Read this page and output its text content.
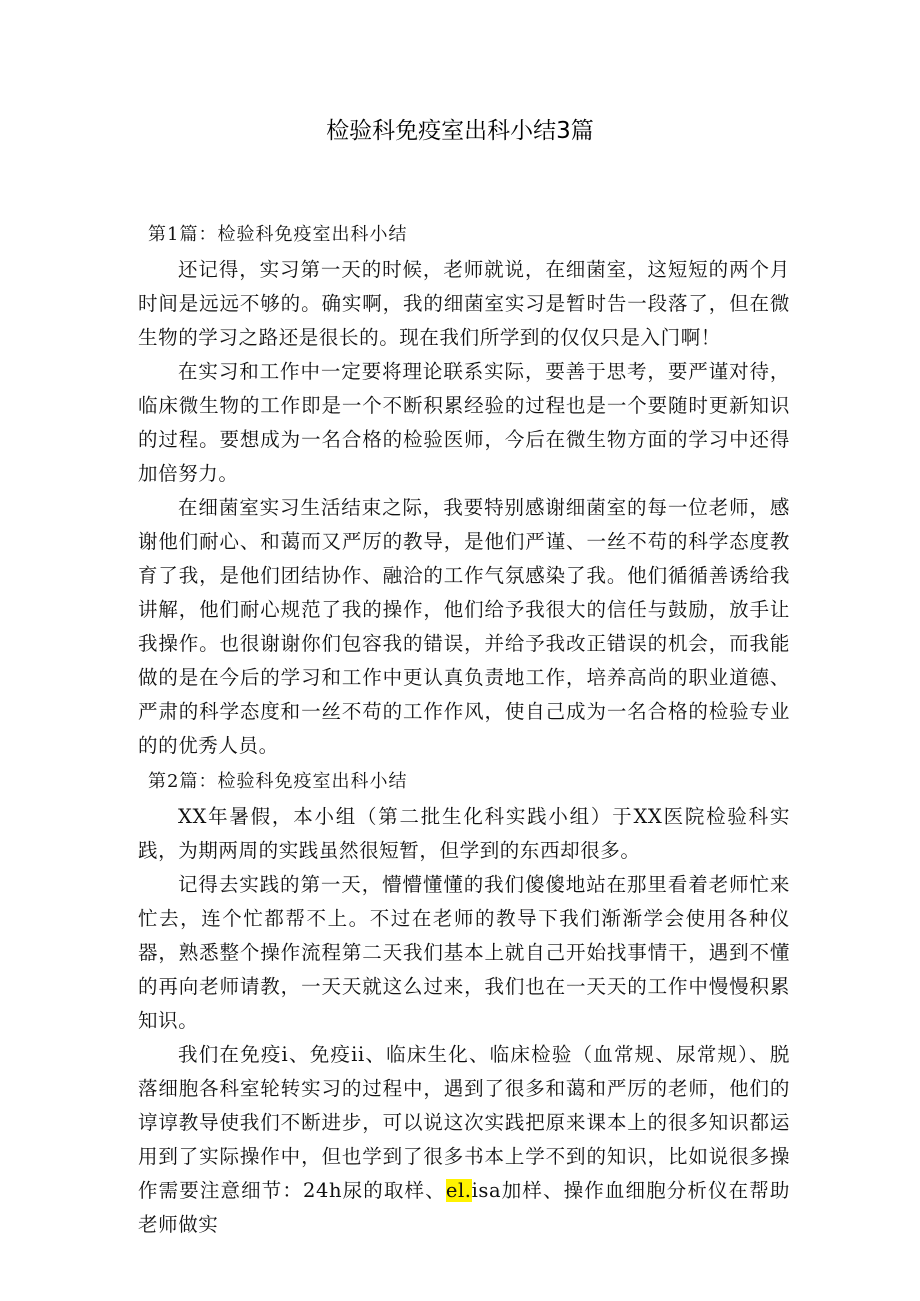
检验科免疫室出科小结3篇

第1篇：检验科免疫室出科小结

还记得，实习第一天的时候，老师就说，在细菌室，这短短的两个月时间是远远不够的。确实啊，我的细菌室实习是暂时告一段落了，但在微生物的学习之路还是很长的。现在我们所学到的仅仅只是入门啊！

在实习和工作中一定要将理论联系实际，要善于思考，要严谨对待，临床微生物的工作即是一个不断积累经验的过程也是一个要随时更新知识的过程。要想成为一名合格的检验医师，今后在微生物方面的学习中还得加倍努力。

在细菌室实习生活结束之际，我要特别感谢细菌室的每一位老师，感谢他们耐心、和蔼而又严厉的教导，是他们严谨、一丝不苟的科学态度教育了我，是他们团结协作、融洽的工作气氛感染了我。他们循循善诱给我讲解，他们耐心规范了我的操作，他们给予我很大的信任与鼓励，放手让我操作。也很谢谢你们包容我的错误，并给予我改正错误的机会，而我能做的是在今后的学习和工作中更认真负责地工作，培养高尚的职业道德、严肃的科学态度和一丝不苟的工作作风，使自己成为一名合格的检验专业的的优秀人员。

第2篇：检验科免疫室出科小结

XX年暑假，本小组（第二批生化科实践小组）于XX医院检验科实践，为期两周的实践虽然很短暂，但学到的东西却很多。

记得去实践的第一天，懵懵懂懂的我们傻傻地站在那里看着老师忙来忙去，连个忙都帮不上。不过在老师的教导下我们渐渐学会使用各种仪器，熟悉整个操作流程第二天我们基本上就自己开始找事情干，遇到不懂的再向老师请教，一天天就这么过来，我们也在一天天的工作中慢慢积累知识。

我们在免疫i、免疫ii、临床生化、临床检验（血常规、尿常规）、脱落细胞各科室轮转实习的过程中，遇到了很多和蔼和严厉的老师，他们的谆谆教导使我们不断进步，可以说这次实践把原来课本上的很多知识都运用到了实际操作中，但也学到了很多书本上学不到的知识，比如说很多操作需要注意细节：24h尿的取样、el.isa加样、操作血细胞分析仪在帮助老师做实
